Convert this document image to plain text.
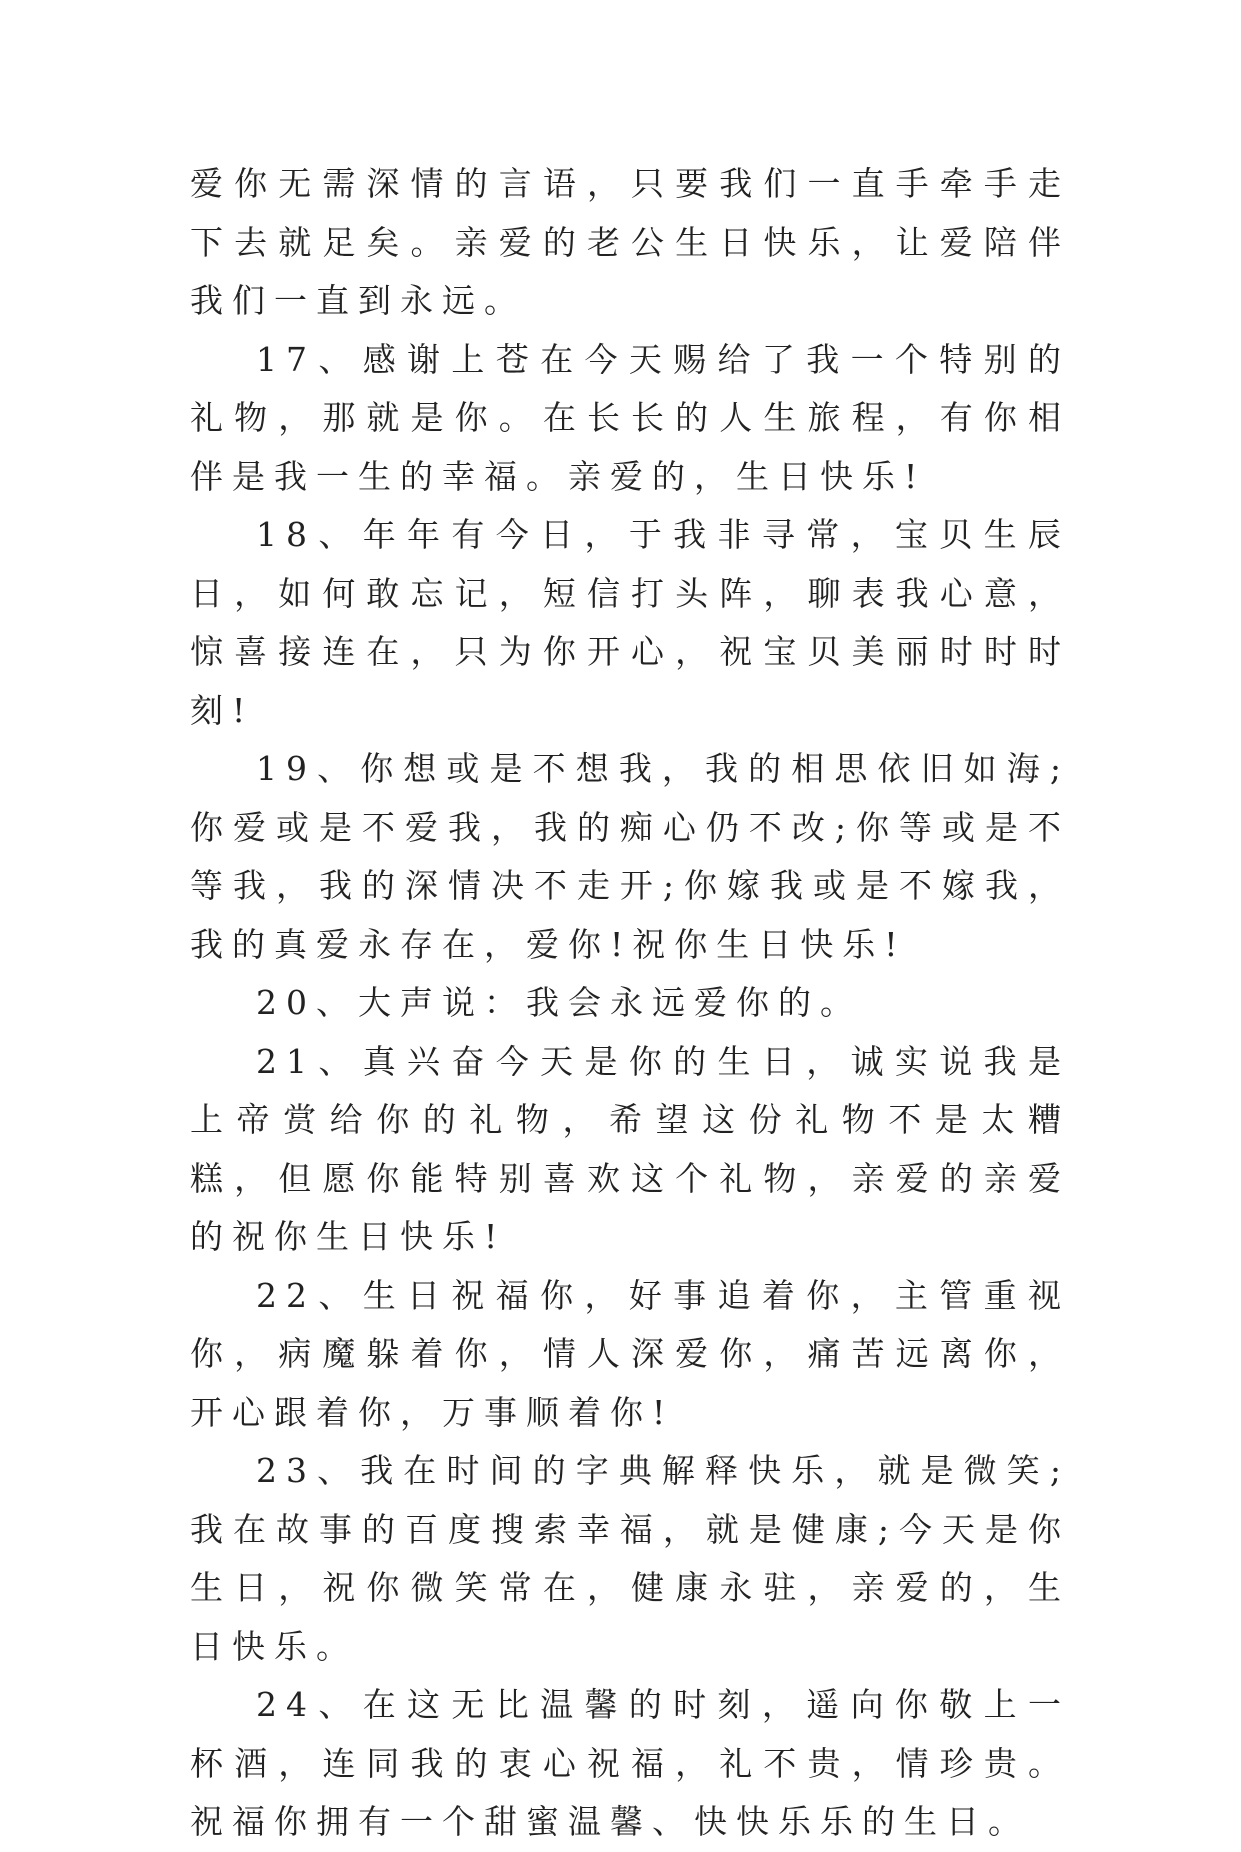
爱你无需深情的言语，只要我们一直手牵手走下去就足矣。亲爱的老公生日快乐，让爱陪伴我们一直到永远。

17、感谢上苍在今天赐给了我一个特别的礼物，那就是你。在长长的人生旅程，有你相伴是我一生的幸福。亲爱的，生日快乐!

18、年年有今日，于我非寻常，宝贝生辰日，如何敢忘记，短信打头阵，聊表我心意，惊喜接连在，只为你开心，祝宝贝美丽时时时刻!

19、你想或是不想我，我的相思依旧如海;你爱或是不爱我，我的痴心仍不改;你等或是不等我，我的深情决不走开;你嫁我或是不嫁我，我的真爱永存在，爱你!祝你生日快乐!

20、大声说：我会永远爱你的。

21、真兴奋今天是你的生日，诚实说我是上帝赏给你的礼物，希望这份礼物不是太糟糕，但愿你能特别喜欢这个礼物，亲爱的亲爱的祝你生日快乐!

22、生日祝福你，好事追着你，主管重视你，病魔躲着你，情人深爱你，痛苦远离你，开心跟着你，万事顺着你!

23、我在时间的字典解释快乐，就是微笑;我在故事的百度搜索幸福，就是健康;今天是你生日，祝你微笑常在，健康永驻，亲爱的，生日快乐。

24、在这无比温馨的时刻，遥向你敬上一杯酒，连同我的衷心祝福，礼不贵，情珍贵。祝福你拥有一个甜蜜温馨、快快乐乐的生日。
